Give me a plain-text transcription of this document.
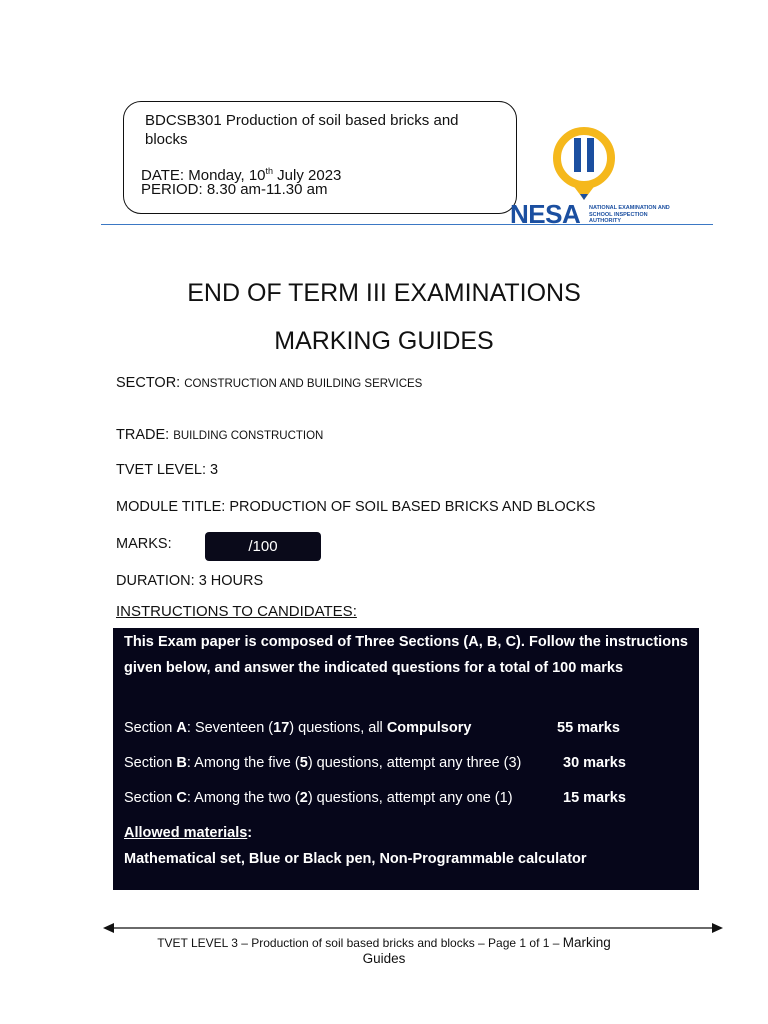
BDCSB301 Production of soil based bricks and blocks
DATE: Monday, 10th July 2023
PERIOD: 8.30 am-11.30 am
NESA NATIONAL EXAMINATION AND SCHOOL INSPECTION AUTHORITY
END OF TERM III EXAMINATIONS
MARKING GUIDES
SECTOR: CONSTRUCTION AND BUILDING SERVICES
TRADE: BUILDING CONSTRUCTION
TVET LEVEL: 3
MODULE TITLE: PRODUCTION OF SOIL BASED BRICKS AND BLOCKS
MARKS:	/100
DURATION: 3 HOURS
INSTRUCTIONS TO CANDIDATES:
This Exam paper is composed of Three Sections (A, B, C). Follow the instructions given below, and answer the indicated questions for a total of 100 marks
Section A: Seventeen (17) questions, all Compulsory	55 marks
Section B: Among the five (5) questions, attempt any three (3)	30 marks
Section C: Among the two (2) questions, attempt any one (1)	15 marks
Allowed materials:
Mathematical set, Blue or Black pen, Non-Programmable calculator
TVET LEVEL 3 – Production of soil based bricks and blocks – Page 1 of 1 – Marking
Guides
